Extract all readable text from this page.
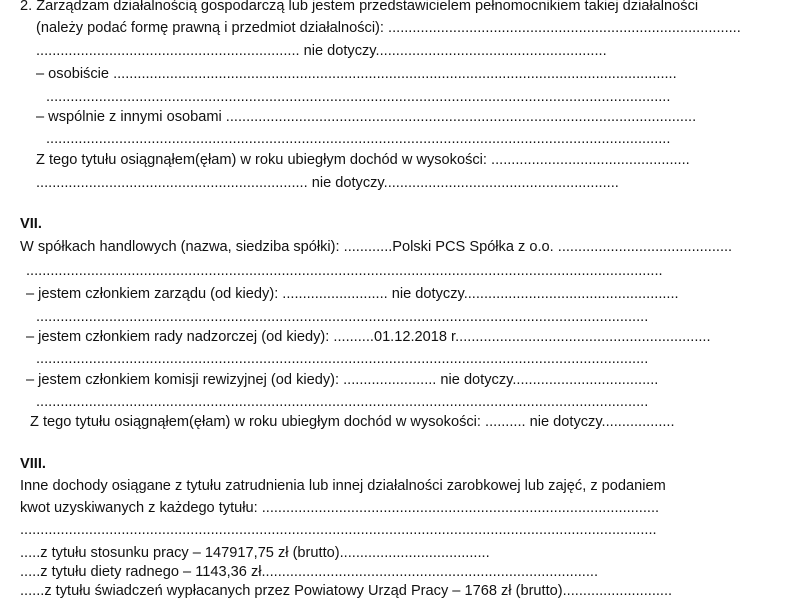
2. Zarządzam działalnością gospodarczą lub jestem przedstawicielem pełnomocnikiem takiej działalności
(należy podać formę prawną i przedmiot działalności): .......................................................................................
................................................................. nie dotyczy.........................................................
– osobiście ...........................................................................................................................................
..........................................................................................................................................................
– wspólnie z innymi osobami ....................................................................................................................
..........................................................................................................................................................
Z tego tytułu osiągnąłem(ęłam) w roku ubiegłym dochód w wysokości: .................................................
................................................................... nie dotyczy..........................................................
VII.
W spółkach handlowych (nazwa, siedziba spółki): ............Polski PCS Spółka z o.o. ...........................................
.............................................................................................................................................................
– jestem członkiem zarządu (od kiedy): .......................... nie dotyczy.....................................................
.......................................................................................................................................................
– jestem członkiem rady nadzorczej (od kiedy): ..........01.12.2018 r...............................................................
.......................................................................................................................................................
– jestem członkiem komisji rewizyjnej (od kiedy): ....................... nie dotyczy....................................
.......................................................................................................................................................
Z tego tytułu osiągnąłem(ęłam) w roku ubiegłym dochód w wysokości: .......... nie dotyczy..................
VIII.
Inne dochody osiągane z tytułu zatrudnienia lub innej działalności zarobkowej lub zajęć, z podaniem
kwot uzyskiwanych z każdego tytułu: ..................................................................................................
.............................................................................................................................................................
.....z tytułu stosunku pracy – 147917,75 zł (brutto).....................................
.....z tytułu diety radnego – 1143,36 zł...................................................................................
......z tytułu świadczeń wypłacanych przez Powiatowy Urząd Pracy – 1768 zł (brutto)...........................
